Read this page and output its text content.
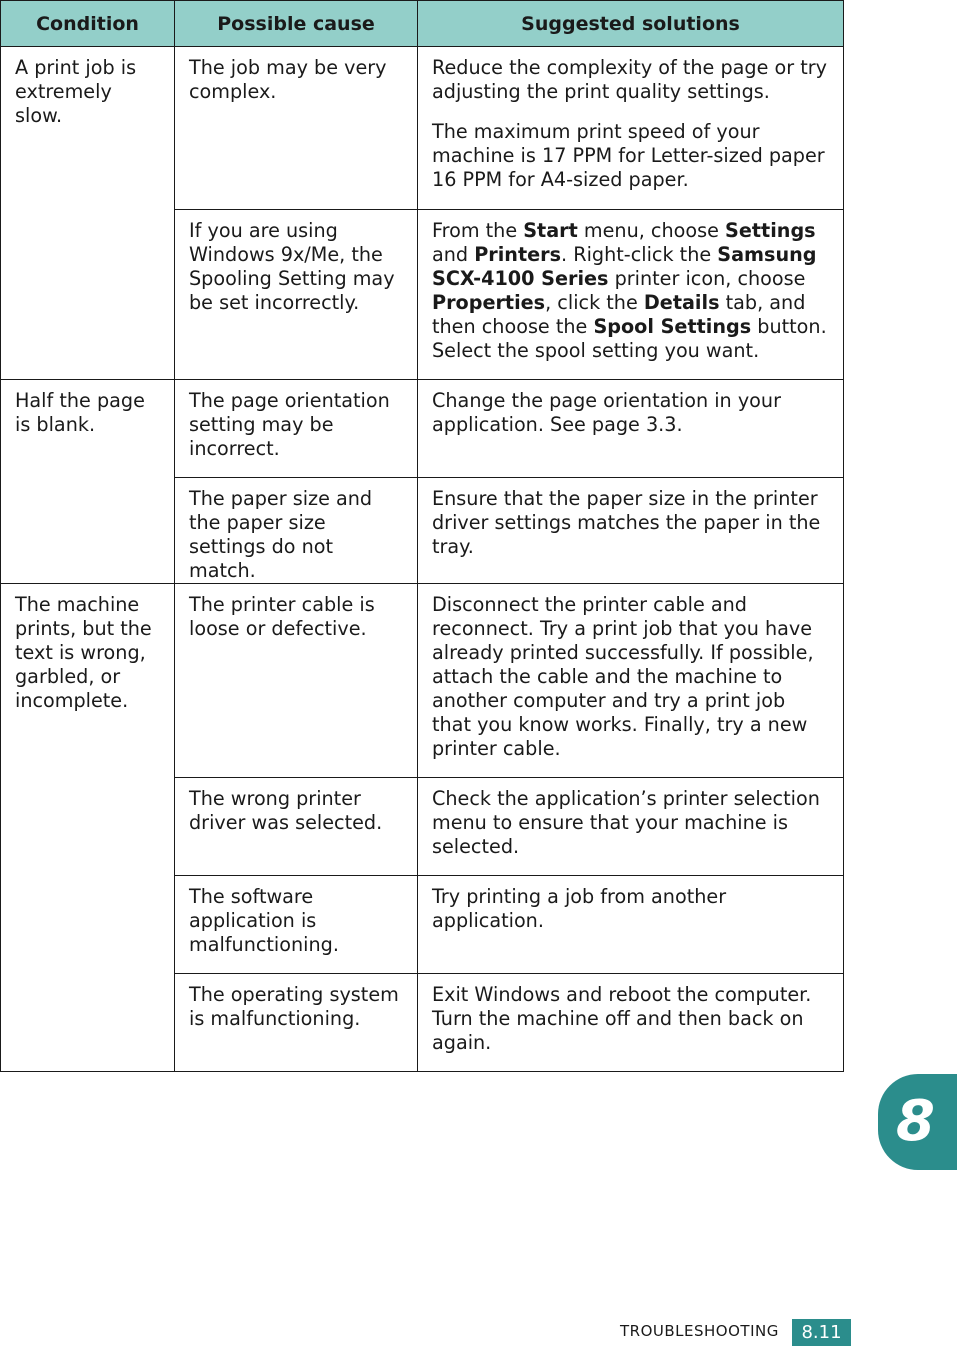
Condition	Possible cause	Suggested solutions
A print job is extremely slow.	The job may be very complex.	Reduce the complexity of the page or try adjusting the print quality settings.

The maximum print speed of your machine is 17 PPM for Letter-sized paper 16 PPM for A4-sized paper.

	If you are using Windows 9x/Me, the Spooling Setting may be set incorrectly.	From the Start menu, choose Settings and Printers. Right-click the Samsung SCX-4100 Series printer icon, choose Properties, click the Details tab, and then choose the Spool Settings button. Select the spool setting you want.
Half the page is blank.	The page orientation setting may be incorrect.	Change the page orientation in your application. See page 3.3.
	The paper size and the paper size settings do not match.	Ensure that the paper size in the printer driver settings matches the paper in the tray.
The machine prints, but the text is wrong, garbled, or incomplete.	The printer cable is loose or defective.	Disconnect the printer cable and reconnect. Try a print job that you have already printed successfully. If possible, attach the cable and the machine to another computer and try a print job that you know works. Finally, try a new printer cable.
	The wrong printer driver was selected.	Check the application’s printer selection menu to ensure that your machine is selected.
	The software application is malfunctioning.	Try printing a job from another application.
	The operating system is malfunctioning.	Exit Windows and reboot the computer. Turn the machine off and then back on again.
8
TROUBLESHOOTING	8.11
